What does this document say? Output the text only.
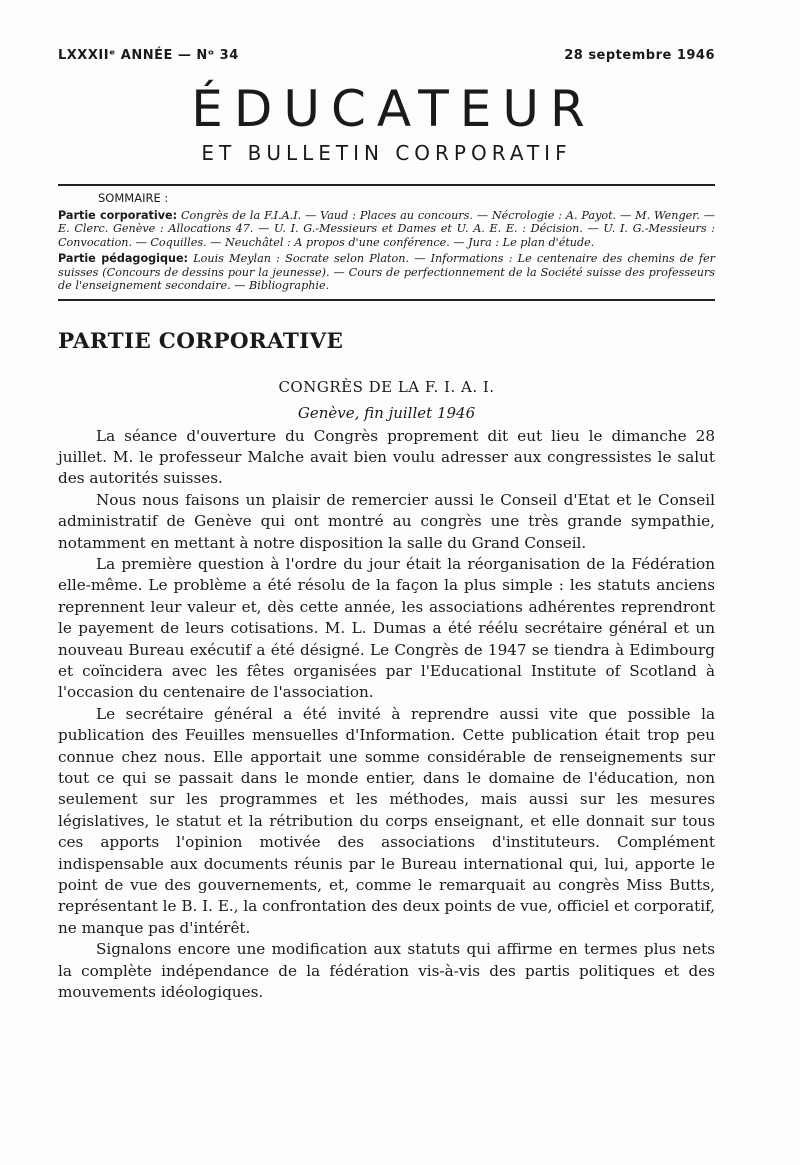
LXXXIIᵉ ANNÉE — Nᵒ 34	28 septembre 1946
ÉDUCATEUR
ET BULLETIN CORPORATIF
SOMMAIRE :
Partie corporative: Congrès de la F.I.A.I. — Vaud : Places au concours. — Nécrologie : A. Payot. — M. Wenger. — E. Clerc. Genève : Allocations 47. — U. I. G.-Messieurs et Dames et U. A. E. E. : Décision. — U. I. G.-Messieurs : Convocation. — Coquilles. — Neuchâtel : A propos d'une conférence. — Jura : Le plan d'étude.
Partie pédagogique: Louis Meylan : Socrate selon Platon. — Informations : Le centenaire des chemins de fer suisses (Concours de dessins pour la jeunesse). — Cours de perfectionnement de la Société suisse des professeurs de l'enseignement secondaire. — Bibliographie.
PARTIE CORPORATIVE
CONGRÈS DE LA F. I. A. I.
Genève, fin juillet 1946

La séance d'ouverture du Congrès proprement dit eut lieu le dimanche 28 juillet. M. le professeur Malche avait bien voulu adresser aux congressistes le salut des autorités suisses.

Nous nous faisons un plaisir de remercier aussi le Conseil d'Etat et le Conseil administratif de Genève qui ont montré au congrès une très grande sympathie, notamment en mettant à notre disposition la salle du Grand Conseil.

La première question à l'ordre du jour était la réorganisation de la Fédération elle-même. Le problème a été résolu de la façon la plus simple : les statuts anciens reprennent leur valeur et, dès cette année, les associations adhérentes reprendront le payement de leurs cotisations. M. L. Dumas a été réélu secrétaire général et un nouveau Bureau exécutif a été désigné. Le Congrès de 1947 se tiendra à Edimbourg et coïncidera avec les fêtes organisées par l'Educational Institute of Scotland à l'occasion du centenaire de l'association.

Le secrétaire général a été invité à reprendre aussi vite que possible la publication des Feuilles mensuelles d'Information. Cette publication était trop peu connue chez nous. Elle apportait une somme considérable de renseignements sur tout ce qui se passait dans le monde entier, dans le domaine de l'éducation, non seulement sur les programmes et les méthodes, mais aussi sur les mesures législatives, le statut et la rétribution du corps enseignant, et elle donnait sur tous ces apports l'opinion motivée des associations d'instituteurs. Complément indispensable aux documents réunis par le Bureau international qui, lui, apporte le point de vue des gouvernements, et, comme le remarquait au congrès Miss Butts, représentant le B. I. E., la confrontation des deux points de vue, officiel et corporatif, ne manque pas d'intérêt.

Signalons encore une modification aux statuts qui affirme en termes plus nets la complète indépendance de la fédération vis-à-vis des partis politiques et des mouvements idéologiques.
